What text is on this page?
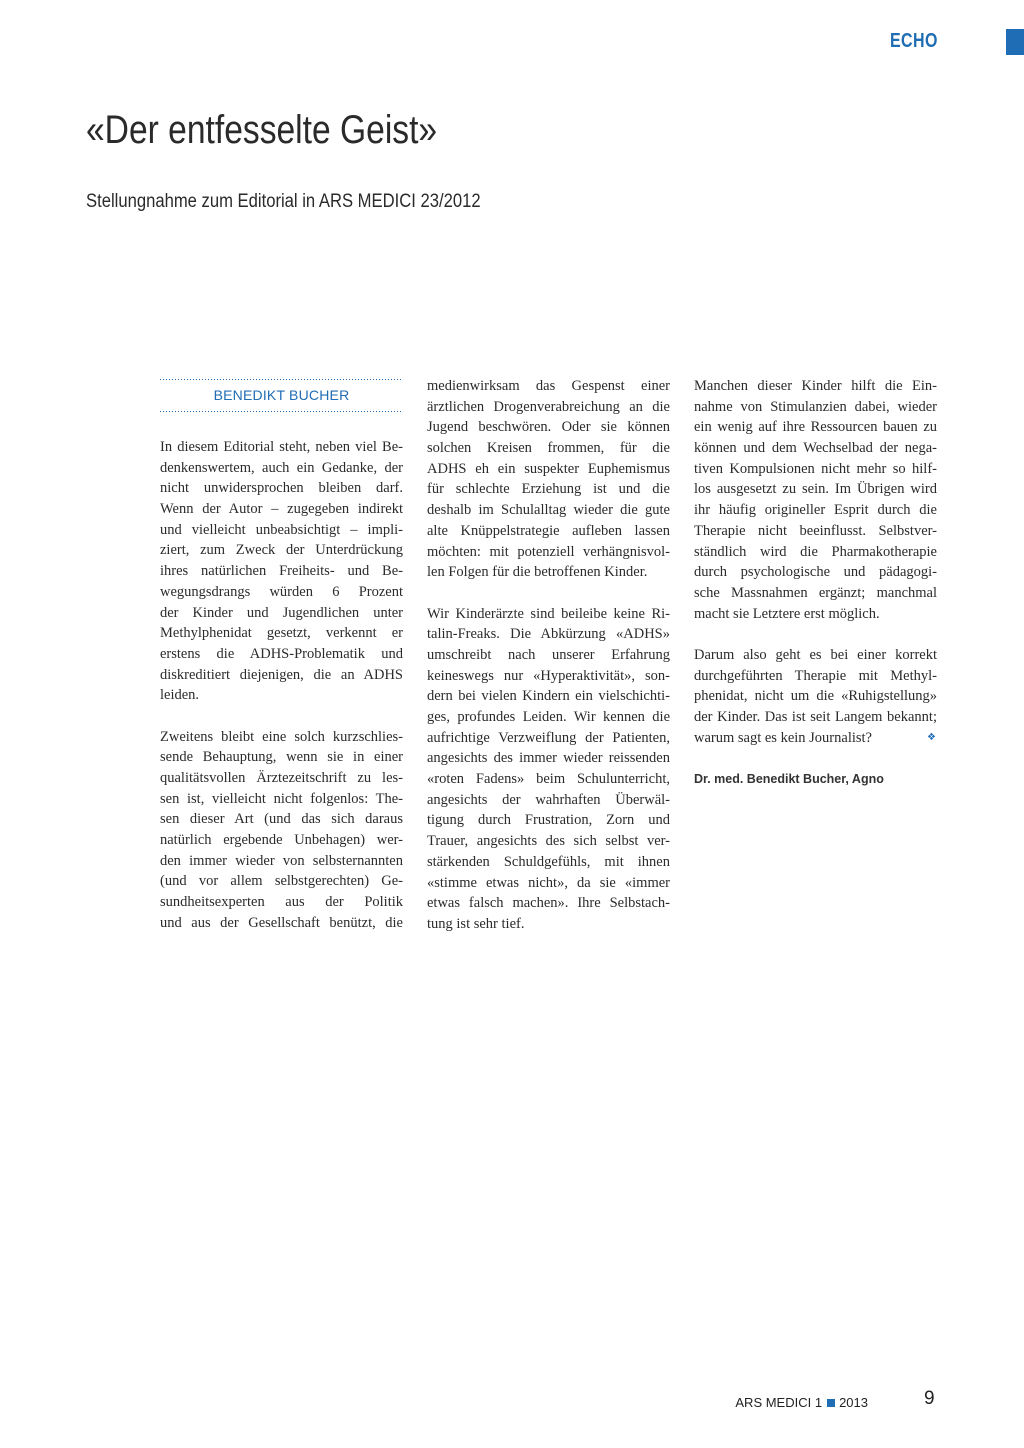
ECHO
«Der entfesselte Geist»
Stellungnahme zum Editorial in ARS MEDICI 23/2012
BENEDIKT BUCHER
In diesem Editorial steht, neben viel Be-
denkenswertem, auch ein Gedanke, der
nicht unwidersprochen bleiben darf.
Wenn der Autor – zugegeben indirekt
und vielleicht unbeabsichtigt – impli-
ziert, zum Zweck der Unterdrückung
ihres natürlichen Freiheits- und Be-
wegungsdrangs würden 6 Prozent
der Kinder und Jugendlichen unter
Methylphenidat gesetzt, verkennt er
erstens die ADHS-Problematik und
diskreditiert diejenigen, die an ADHS
leiden.
Zweitens bleibt eine solch kurzschlies-
sende Behauptung, wenn sie in einer
qualitätsvollen Ärztezeitschrift zu les-
sen ist, vielleicht nicht folgenlos: The-
sen dieser Art (und das sich daraus
natürlich ergebende Unbehagen) wer-
den immer wieder von selbsternannten
(und vor allem selbstgerechten) Ge-
sundheitsexperten aus der Politik
und aus der Gesellschaft benützt, die
medienwirksam das Gespenst einer
ärztlichen Drogenverabreichung an die
Jugend beschwören. Oder sie können
solchen Kreisen frommen, für die
ADHS eh ein suspekter Euphemismus
für schlechte Erziehung ist und die
deshalb im Schulalltag wieder die gute
alte Knüppelstrategie aufleben lassen
möchten: mit potenziell verhängnisvol-
len Folgen für die betroffenen Kinder.
Wir Kinderärzte sind beileibe keine Ri-
talin-Freaks. Die Abkürzung «ADHS»
umschreibt nach unserer Erfahrung
keineswegs nur «Hyperaktivität», son-
dern bei vielen Kindern ein vielschichti-
ges, profundes Leiden. Wir kennen die
aufrichtige Verzweiflung der Patienten,
angesichts des immer wieder reissenden
«roten Fadens» beim Schulunterricht,
angesichts der wahrhaften Überwäl-
tigung durch Frustration, Zorn und
Trauer, angesichts des sich selbst ver-
stärkenden Schuldgefühls, mit ihnen
«stimme etwas nicht», da sie «immer
etwas falsch machen». Ihre Selbstach-
tung ist sehr tief.
Manchen dieser Kinder hilft die Ein-
nahme von Stimulanzien dabei, wieder
ein wenig auf ihre Ressourcen bauen zu
können und dem Wechselbad der nega-
tiven Kompulsionen nicht mehr so hilf-
los ausgesetzt zu sein. Im Übrigen wird
ihr häufig origineller Esprit durch die
Therapie nicht beeinflusst. Selbstver-
ständlich wird die Pharmakotherapie
durch psychologische und pädagogi-
sche Massnahmen ergänzt; manchmal
macht sie Letztere erst möglich.
Darum also geht es bei einer korrekt
durchgeführten Therapie mit Methyl-
phenidat, nicht um die «Ruhigstellung»
der Kinder. Das ist seit Langem bekannt;
warum sagt es kein Journalist?
❖
Dr. med. Benedikt Bucher, Agno
ARS MEDICI 1 2013	9
